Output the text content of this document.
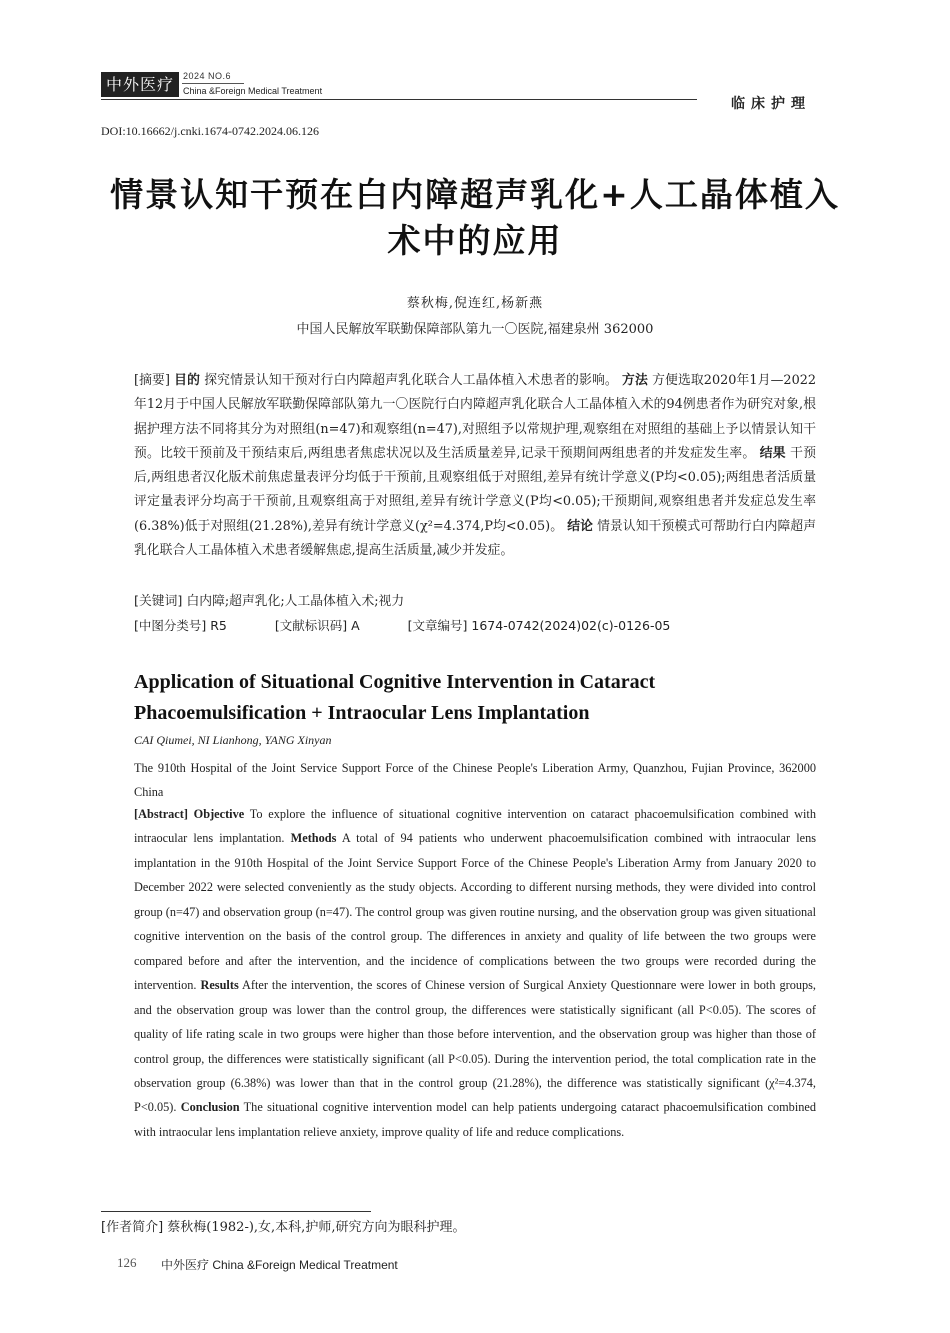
中外医疗	2024 NO.6
China &Foreign Medical Treatment
临床护理
DOI:10.16662/j.cnki.1674-0742.2024.06.126
情景认知干预在白内障超声乳化+人工晶体植入术中的应用
蔡秋梅,倪连红,杨新燕
中国人民解放军联勤保障部队第九一〇医院,福建泉州 362000
[摘要] 目的 探究情景认知干预对行白内障超声乳化联合人工晶体植入术患者的影响。 方法 方便选取2020年1月—2022年12月于中国人民解放军联勤保障部队第九一〇医院行白内障超声乳化联合人工晶体植入术的94例患者作为研究对象,根据护理方法不同将其分为对照组(n=47)和观察组(n=47),对照组予以常规护理,观察组在对照组的基础上予以情景认知干预。比较干预前及干预结束后,两组患者焦虑状况以及生活质量差异,记录干预期间两组患者的并发症发生率。 结果 干预后,两组患者汉化版术前焦虑量表评分均低于干预前,且观察组低于对照组,差异有统计学意义(P均<0.05);两组患者活质量评定量表评分均高于干预前,且观察组高于对照组,差异有统计学意义(P均<0.05);干预期间,观察组患者并发症总发生率(6.38%)低于对照组(21.28%),差异有统计学意义(χ²=4.374,P均<0.05)。 结论 情景认知干预模式可帮助行白内障超声乳化联合人工晶体植入术患者缓解焦虑,提高生活质量,减少并发症。
[关键词] 白内障;超声乳化;人工晶体植入术;视力
[中图分类号] R5	[文献标识码] A	[文章编号] 1674-0742(2024)02(c)-0126-05
Application of Situational Cognitive Intervention in Cataract Phacoemulsification + Intraocular Lens Implantation
CAI Qiumei, NI Lianhong, YANG Xinyan
The 910th Hospital of the Joint Service Support Force of the Chinese People's Liberation Army, Quanzhou, Fujian Province, 362000 China
[Abstract] Objective To explore the influence of situational cognitive intervention on cataract phacoemulsification combined with intraocular lens implantation. Methods A total of 94 patients who underwent phacoemulsification combined with intraocular lens implantation in the 910th Hospital of the Joint Service Support Force of the Chinese People's Liberation Army from January 2020 to December 2022 were selected conveniently as the study objects. According to different nursing methods, they were divided into control group (n=47) and observation group (n=47). The control group was given routine nursing, and the observation group was given situational cognitive intervention on the basis of the control group. The differences in anxiety and quality of life between the two groups were compared before and after the intervention, and the incidence of complications between the two groups were recorded during the intervention. Results After the intervention, the scores of Chinese version of Surgical Anxiety Questionnare were lower in both groups, and the observation group was lower than the control group, the differences were statistically significant (all P<0.05). The scores of quality of life rating scale in two groups were higher than those before intervention, and the observation group was higher than those of control group, the differences were statistically significant (all P<0.05). During the intervention period, the total complication rate in the observation group (6.38%) was lower than that in the control group (21.28%), the difference was statistically significant (χ²=4.374, P<0.05). Conclusion The situational cognitive intervention model can help patients undergoing cataract phacoemulsification combined with intraocular lens implantation relieve anxiety, improve quality of life and reduce complications.
[作者简介] 蔡秋梅(1982-),女,本科,护师,研究方向为眼科护理。
126 中外医疗 China &Foreign Medical Treatment
